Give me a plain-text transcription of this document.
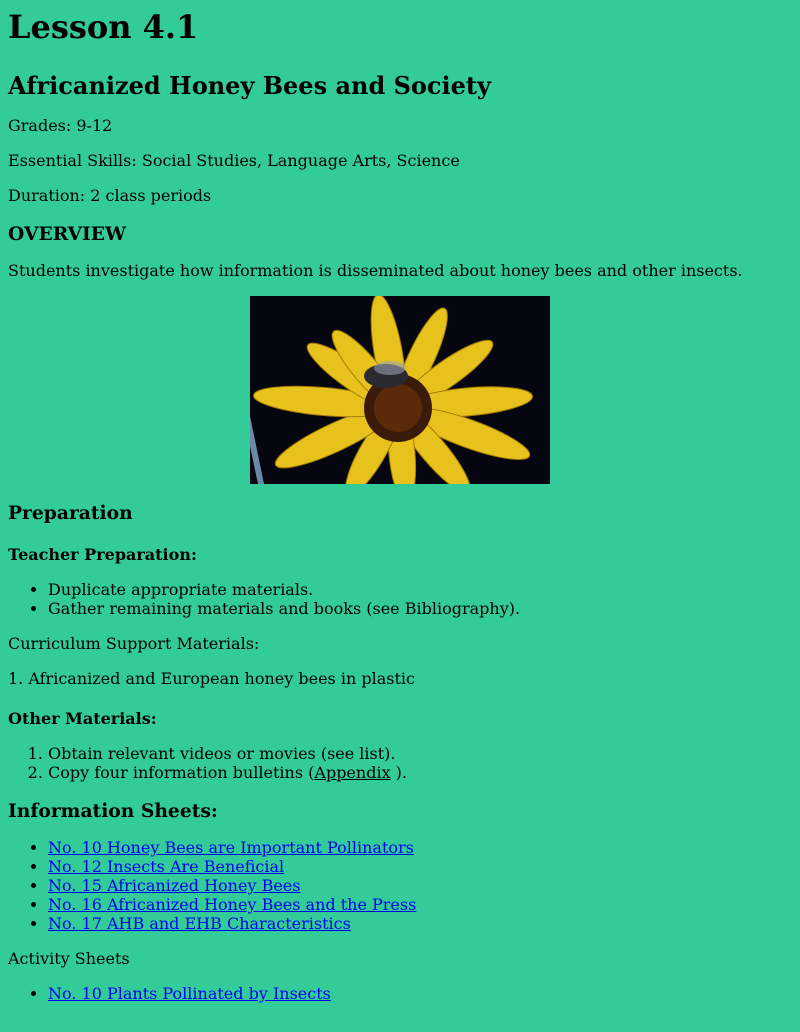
Lesson 4.1
Africanized Honey Bees and Society

Grades: 9-12

Essential Skills: Social Studies, Language Arts, Science

Duration: 2 class periods

OVERVIEW

Students investigate how information is disseminated about honey bees and other insects.

Preparation
Teacher Preparation:
• Duplicate appropriate materials.
• Gather remaining materials and books (see Bibliography).

Curriculum Support Materials:

1. Africanized and European honey bees in plastic

Other Materials:
1. Obtain relevant videos or movies (see list).
2. Copy four information bulletins (Appendix ).
Information Sheets:
• No. 10 Honey Bees are Important Pollinators
• No. 12 Insects Are Beneficial
• No. 15 Africanized Honey Bees
• No. 16 Africanized Honey Bees and the Press
• No. 17 AHB and EHB Characteristics

Activity Sheets

• No. 10 Plants Pollinated by Insects
